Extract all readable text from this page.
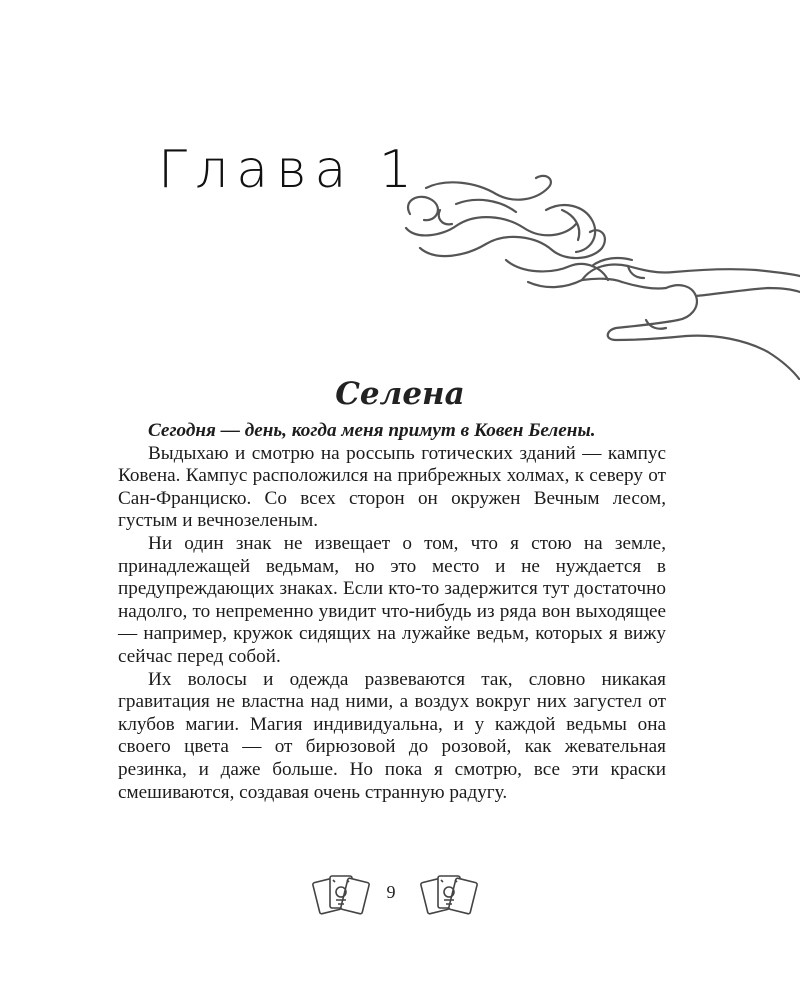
Глава 1
Селена

Сегодня — день, когда меня примут в Ковен Белены.

Выдыхаю и смотрю на россыпь готических зданий — кампус Ковена. Кампус расположился на прибрежных холмах, к северу от Сан-Франциско. Со всех сторон он окружен Вечным лесом, густым и вечнозеленым.

Ни один знак не извещает о том, что я стою на земле, принадлежащей ведьмам, но это место и не нуждается в предупреждающих знаках. Если кто-то задержится тут достаточно надолго, то непременно увидит что-нибудь из ряда вон выходящее — например, кружок сидящих на лужайке ведьм, которых я вижу сейчас перед собой.

Их волосы и одежда развеваются так, словно никакая гравитация не властна над ними, а воздух вокруг них загустел от клубов магии. Магия индивидуальна, и у каждой ведьмы она своего цвета — от бирюзовой до розовой, как жевательная резинка, и даже больше. Но пока я смотрю, все эти краски смешиваются, создавая очень странную радугу.

9
